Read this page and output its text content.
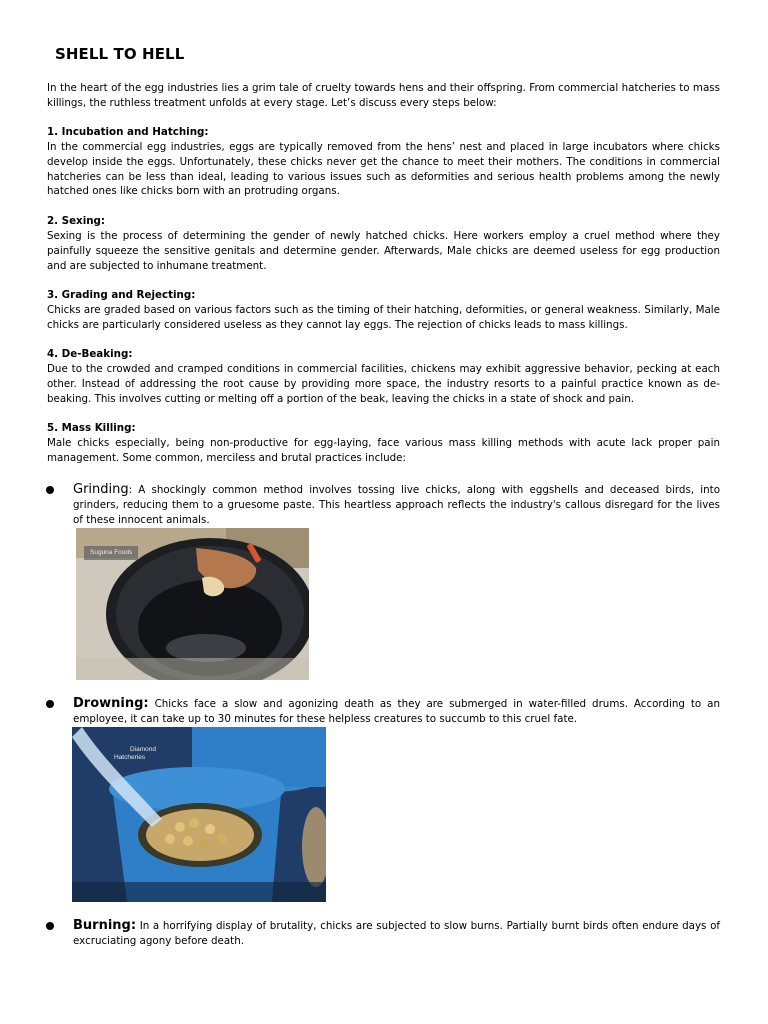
SHELL TO HELL

In the heart of the egg industries lies a grim tale of cruelty towards hens and their offspring. From commercial hatcheries to mass killings, the ruthless treatment unfolds at every stage. Let’s discuss every steps below:

1. Incubation and Hatching:

In the commercial egg industries, eggs are typically removed from the hens’ nest and placed in large incubators where chicks develop inside the eggs. Unfortunately, these chicks never get the chance to meet their mothers. The conditions in commercial hatcheries can be less than ideal, leading to various issues such as deformities and serious health problems among the newly hatched ones like chicks born with an protruding organs.

2. Sexing:

Sexing is the process of determining the gender of newly hatched chicks. Here workers employ a cruel method where they painfully squeeze the sensitive genitals and determine gender. Afterwards, Male chicks are deemed useless for egg production and are subjected to inhumane treatment.

3. Grading and Rejecting:

Chicks are graded based on various factors such as the timing of their hatching, deformities, or general weakness. Similarly, Male chicks are particularly considered useless as they cannot lay eggs. The rejection of chicks leads to mass killings.

4. De-Beaking:

Due to the crowded and cramped conditions in commercial facilities, chickens may exhibit aggressive behavior, pecking at each other. Instead of addressing the root cause by providing more space, the industry resorts to a painful practice known as de-beaking. This involves cutting or melting off a portion of the beak, leaving the chicks in a state of shock and pain.

5. Mass Killing:

Male chicks especially, being non-productive for egg-laying, face various mass killing methods with acute lack proper pain management. Some common, merciless and brutal practices include:

Grinding: A shockingly common method involves tossing live chicks, along with eggshells and deceased birds, into grinders, reducing them to a gruesome paste. This heartless approach reflects the industry's callous disregard for the lives of these innocent animals.

Suguna Foods

Drowning: Chicks face a slow and agonizing death as they are submerged in water-filled drums. According to an employee, it can take up to 30 minutes for these helpless creatures to succumb to this cruel fate.

Diamond
Hatcheries

Burning: In a horrifying display of brutality, chicks are subjected to slow burns. Partially burnt birds often endure days of excruciating agony before death.
